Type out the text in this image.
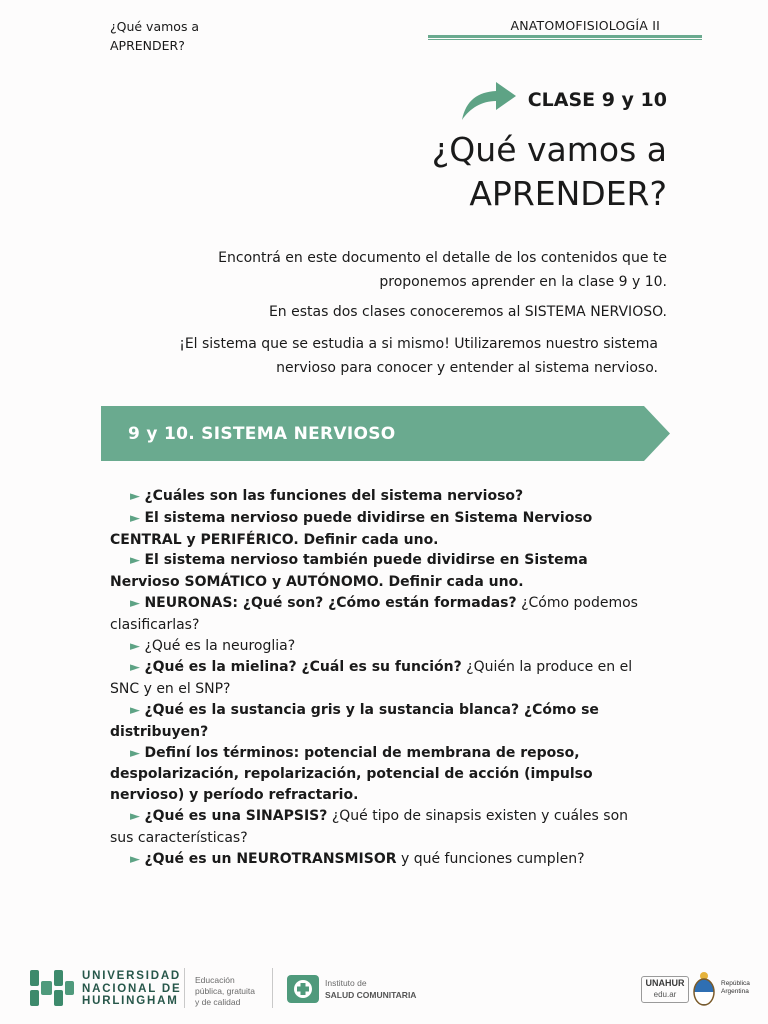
¿Qué vamos a
APRENDER?
ANATOMOFISIOLOGÍA II
CLASE 9 y 10
¿Qué vamos a
APRENDER?
Encontrá en este documento el detalle de los contenidos que te
proponemos aprender en la clase 9 y 10.
En estas dos clases conoceremos al SISTEMA NERVIOSO.
¡El sistema que se estudia a si mismo! Utilizaremos nuestro sistema
nervioso para conocer y entender al sistema nervioso.
9 y 10. SISTEMA NERVIOSO
► ¿Cuáles son las funciones del sistema nervioso?
► El sistema nervioso puede dividirse en Sistema Nervioso CENTRAL y PERIFÉRICO. Definir cada uno.
► El sistema nervioso también puede dividirse en Sistema Nervioso SOMÁTICO y AUTÓNOMO. Definir cada uno.
► NEURONAS: ¿Qué son? ¿Cómo están formadas? ¿Cómo podemos clasificarlas?
► ¿Qué es la neuroglia?
► ¿Qué es la mielina? ¿Cuál es su función? ¿Quién la produce en el SNC y en el SNP?
► ¿Qué es la sustancia gris y la sustancia blanca? ¿Cómo se distribuyen?
► Definí los términos: potencial de membrana de reposo, despolarización, repolarización, potencial de acción (impulso nervioso) y período refractario.
► ¿Qué es una SINAPSIS? ¿Qué tipo de sinapsis existen y cuáles son sus características?
► ¿Qué es un NEUROTRANSMISOR y qué funciones cumplen?
UNIVERSIDAD
NACIONAL DE
HURLINGHAM
Educación
pública, gratuita
y de calidad
Instituto de
SALUD COMUNITARIA
UNAHUR
edu.ar
República
Argentina
